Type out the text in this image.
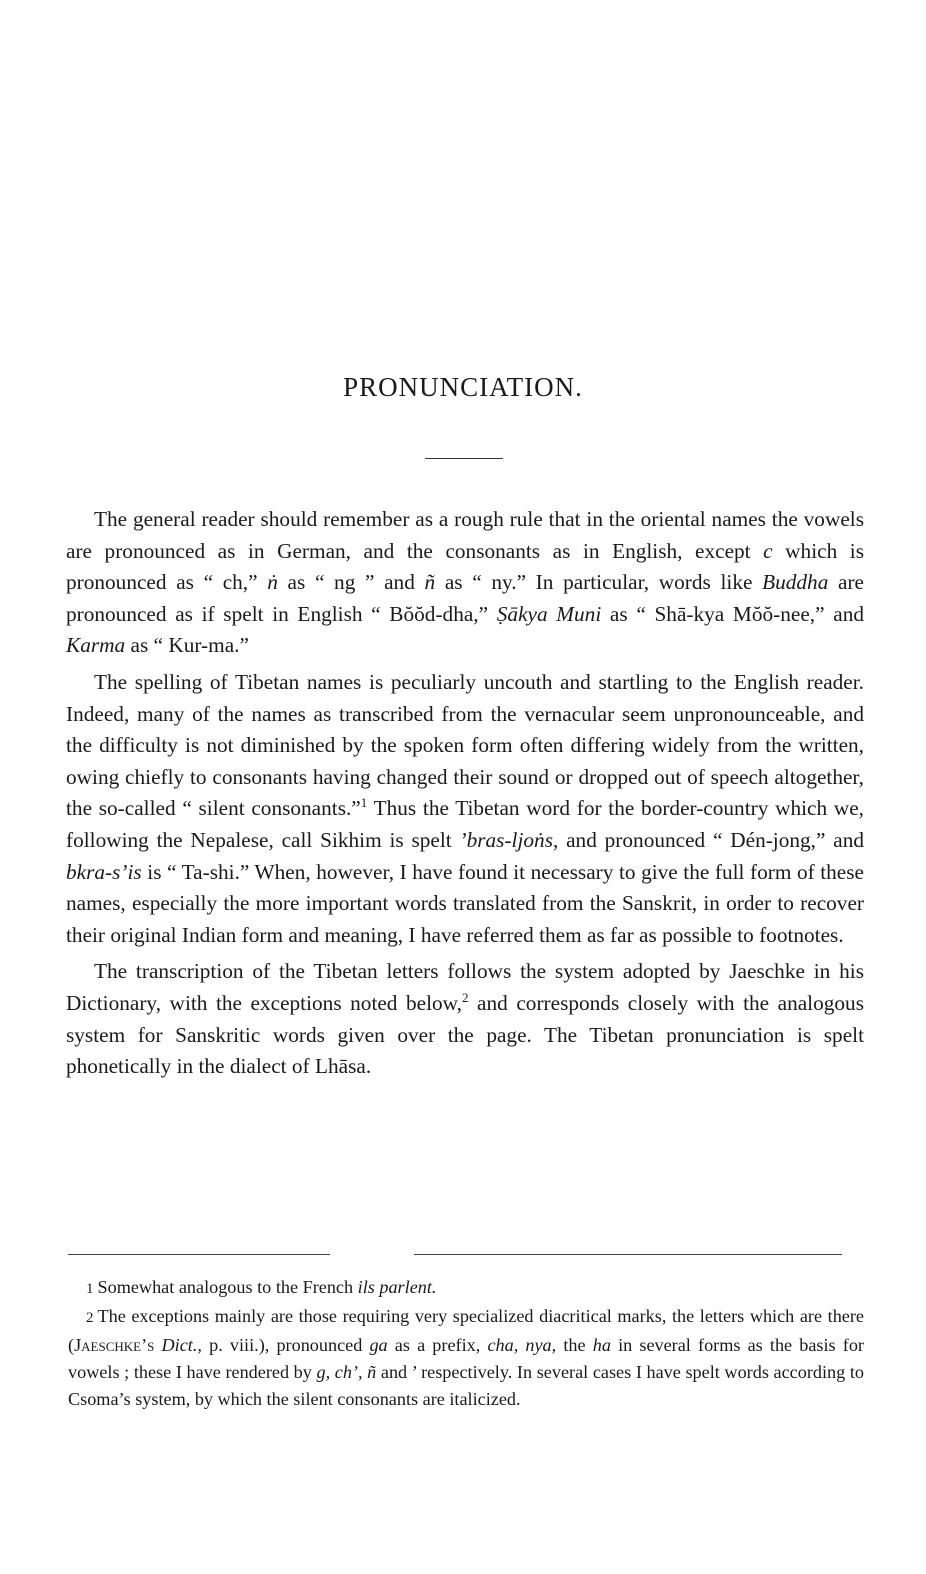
PRONUNCIATION.

The general reader should remember as a rough rule that in the oriental names the vowels are pronounced as in German, and the consonants as in English, except c which is pronounced as “ ch,” ṅ as “ ng ” and ñ as “ ny.” In particular, words like Buddha are pronounced as if spelt in English “ Bŏŏd-dha,” Ṣākya Muni as “ Shā-kya Mŏŏ-nee,” and Karma as “ Kur-ma.”

The spelling of Tibetan names is peculiarly uncouth and startling to the English reader. Indeed, many of the names as transcribed from the vernacular seem unpronounceable, and the difficulty is not diminished by the spoken form often differing widely from the written, owing chiefly to consonants having changed their sound or dropped out of speech altogether, the so-called “ silent consonants.”$^1$ Thus the Tibetan word for the border-country which we, following the Nepalese, call Sikhim is spelt ’bras-ljoṅs, and pronounced “ Dén-jong,” and bkra-s’is is “ Ta-shi.” When, however, I have found it necessary to give the full form of these names, especially the more important words translated from the Sanskrit, in order to recover their original Indian form and meaning, I have referred them as far as possible to footnotes.

The transcription of the Tibetan letters follows the system adopted by Jaeschke in his Dictionary, with the exceptions noted below,$^2$ and corresponds closely with the analogous system for Sanskritic words given over the page. The Tibetan pronunciation is spelt phonetically in the dialect of Lhāsa.

1 Somewhat analogous to the French ils parlent.

2 The exceptions mainly are those requiring very specialized diacritical marks, the letters which are there (Jaeschke’s Dict., p. viii.), pronounced ga as a prefix, cha, nya, the ha in several forms as the basis for vowels ; these I have rendered by g, ch’, ñ and ’ respectively. In several cases I have spelt words according to Csoma’s system, by which the silent consonants are italicized.
